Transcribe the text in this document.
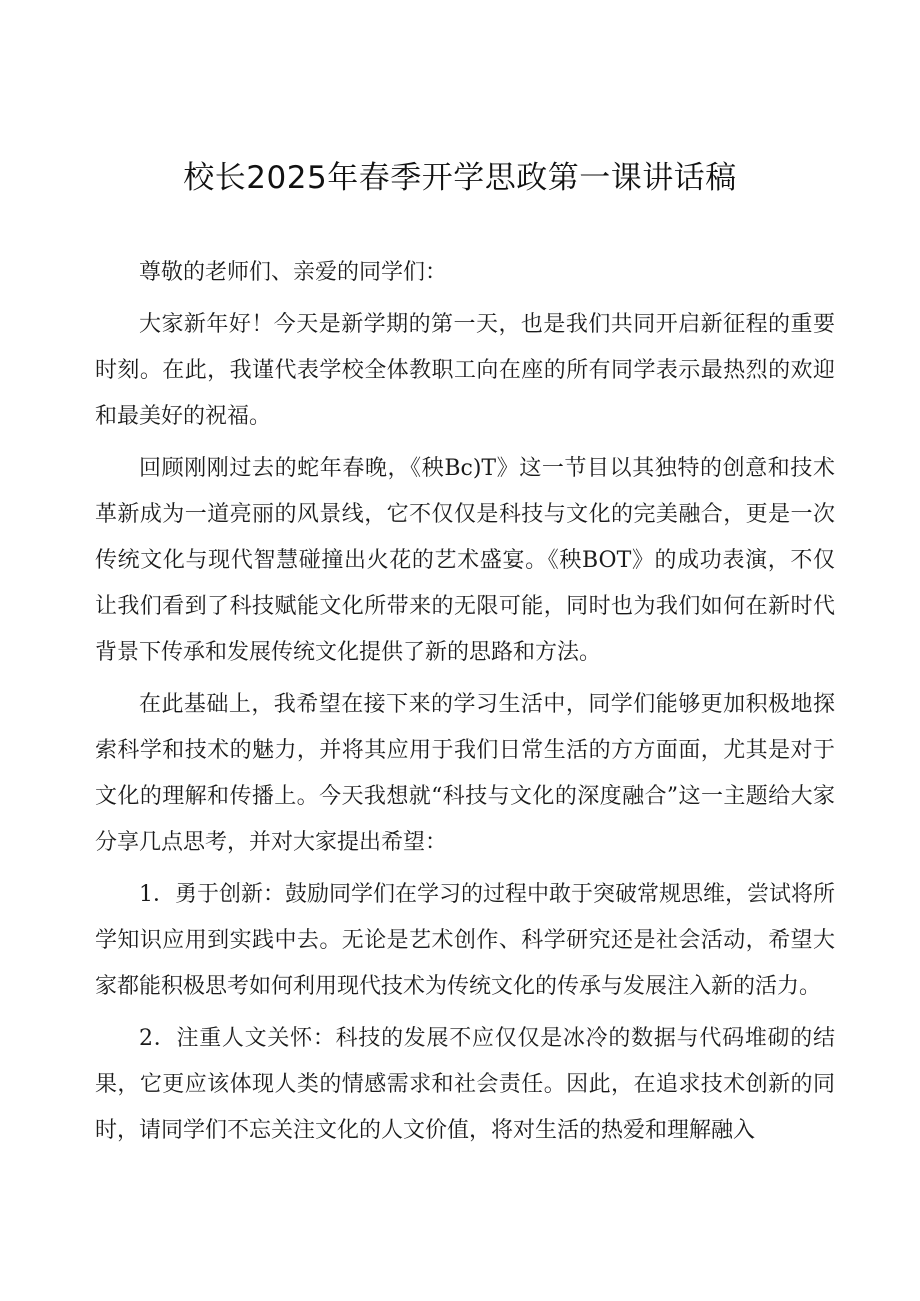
校长2025年春季开学思政第一课讲话稿

尊敬的老师们、亲爱的同学们：

大家新年好！今天是新学期的第一天，也是我们共同开启新征程的重要时刻。在此，我谨代表学校全体教职工向在座的所有同学表示最热烈的欢迎和最美好的祝福。

回顾刚刚过去的蛇年春晚，《秧Bc)T》这一节目以其独特的创意和技术革新成为一道亮丽的风景线，它不仅仅是科技与文化的完美融合，更是一次传统文化与现代智慧碰撞出火花的艺术盛宴。《秧BOT》的成功表演，不仅让我们看到了科技赋能文化所带来的无限可能，同时也为我们如何在新时代背景下传承和发展传统文化提供了新的思路和方法。

在此基础上，我希望在接下来的学习生活中，同学们能够更加积极地探索科学和技术的魅力，并将其应用于我们日常生活的方方面面，尤其是对于文化的理解和传播上。今天我想就“科技与文化的深度融合”这一主题给大家分享几点思考，并对大家提出希望：

1．勇于创新：鼓励同学们在学习的过程中敢于突破常规思维，尝试将所学知识应用到实践中去。无论是艺术创作、科学研究还是社会活动，希望大家都能积极思考如何利用现代技术为传统文化的传承与发展注入新的活力。

2．注重人文关怀：科技的发展不应仅仅是冰冷的数据与代码堆砌的结果，它更应该体现人类的情感需求和社会责任。因此，在追求技术创新的同时，请同学们不忘关注文化的人文价值，将对生活的热爱和理解融入
